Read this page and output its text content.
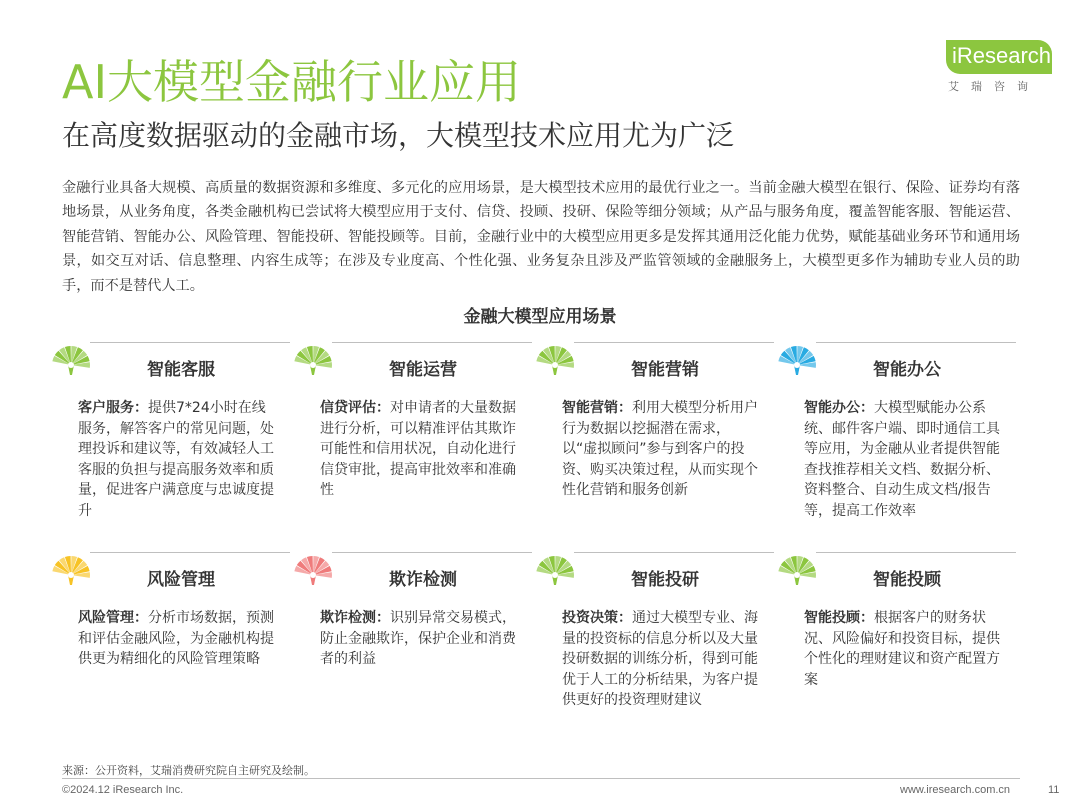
AI大模型金融行业应用
在高度数据驱动的金融市场，大模型技术应用尤为广泛
iResearch
艾瑞咨询
金融行业具备大规模、高质量的数据资源和多维度、多元化的应用场景，是大模型技术应用的最优行业之一。当前金融大模型在银行、保险、证券均有落地场景，从业务角度，各类金融机构已尝试将大模型应用于支付、信贷、投顾、投研、保险等细分领域；从产品与服务角度，覆盖智能客服、智能运营、智能营销、智能办公、风险管理、智能投研、智能投顾等。目前，金融行业中的大模型应用更多是发挥其通用泛化能力优势，赋能基础业务环节和通用场景，如交互对话、信息整理、内容生成等；在涉及专业度高、个性化强、业务复杂且涉及严监管领域的金融服务上，大模型更多作为辅助专业人员的助手，而不是替代人工。
金融大模型应用场景
智能客服
客户服务：提供7*24小时在线服务，解答客户的常见问题，处理投诉和建议等，有效减轻人工客服的负担与提高服务效率和质量，促进客户满意度与忠诚度提升
智能运营
信贷评估：对申请者的大量数据进行分析，可以精准评估其欺诈可能性和信用状况，自动化进行信贷审批，提高审批效率和准确性
智能营销
智能营销：利用大模型分析用户行为数据以挖掘潜在需求，以“虚拟顾问”参与到客户的投资、购买决策过程，从而实现个性化营销和服务创新
智能办公
智能办公：大模型赋能办公系统、邮件客户端、即时通信工具等应用，为金融从业者提供智能查找推荐相关文档、数据分析、资料整合、自动生成文档/报告等，提高工作效率
风险管理
风险管理：分析市场数据，预测和评估金融风险，为金融机构提供更为精细化的风险管理策略
欺诈检测
欺诈检测：识别异常交易模式，防止金融欺诈，保护企业和消费者的利益
智能投研
投资决策：通过大模型专业、海量的投资标的信息分析以及大量投研数据的训练分析，得到可能优于人工的分析结果，为客户提供更好的投资理财建议
智能投顾
智能投顾：根据客户的财务状况、风险偏好和投资目标，提供个性化的理财建议和资产配置方案
来源：公开资料，艾瑞消费研究院自主研究及绘制。
©2024.12 iResearch Inc.	www.iresearch.com.cn	11
